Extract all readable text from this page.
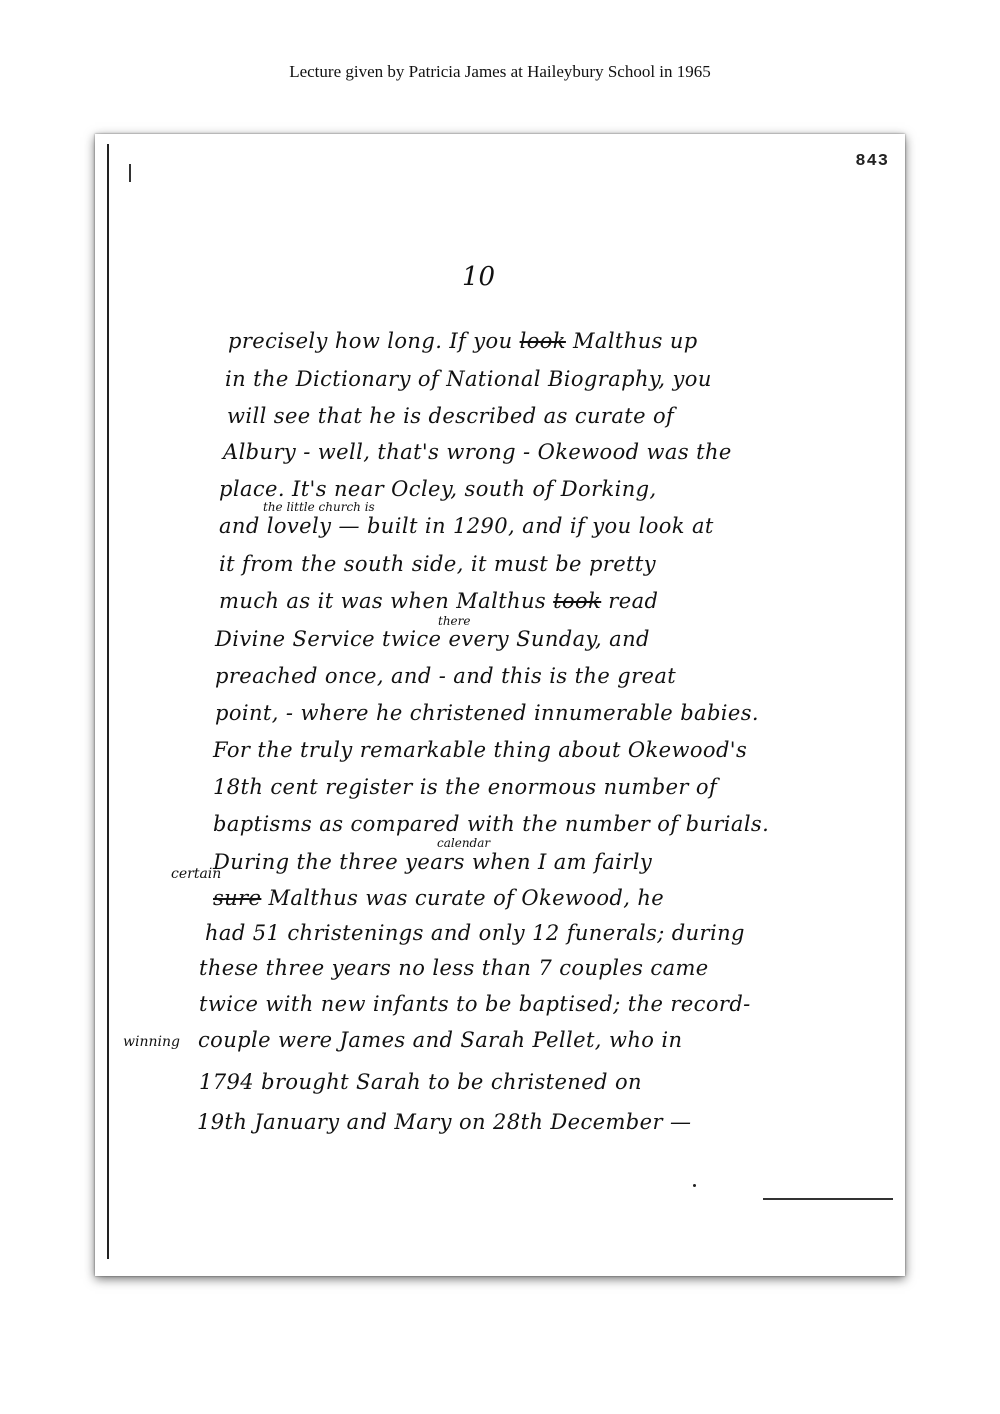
Lecture given by Patricia James at Haileybury School in 1965
843
10
precisely how long. If you look Malthus up
in the Dictionary of National Biography, you
will see that he is described as curate of
Albury - well, that's wrong - Okewood was the
place. It's near Ocley, south of Dorking,
and lovely — built in 1290, and if you look at
it from the south side, it must be pretty
much as it was when Malthus took read
Divine Service twice every Sunday, and
preached once, and - and this is the great
point, - where he christened innumerable babies.
For the truly remarkable thing about Okewood's
18th cent register is the enormous number of
baptisms as compared with the number of burials.
During the three years when I am fairly
sure Malthus was curate of Okewood, he
had 51 christenings and only 12 funerals; during
these three years no less than 7 couples came
twice with new infants to be baptised; the record-
couple were James and Sarah Pellet, who in
1794 brought Sarah to be christened on
19th January and Mary on 28th December —
the little church is
there
calendar
certain
winning
